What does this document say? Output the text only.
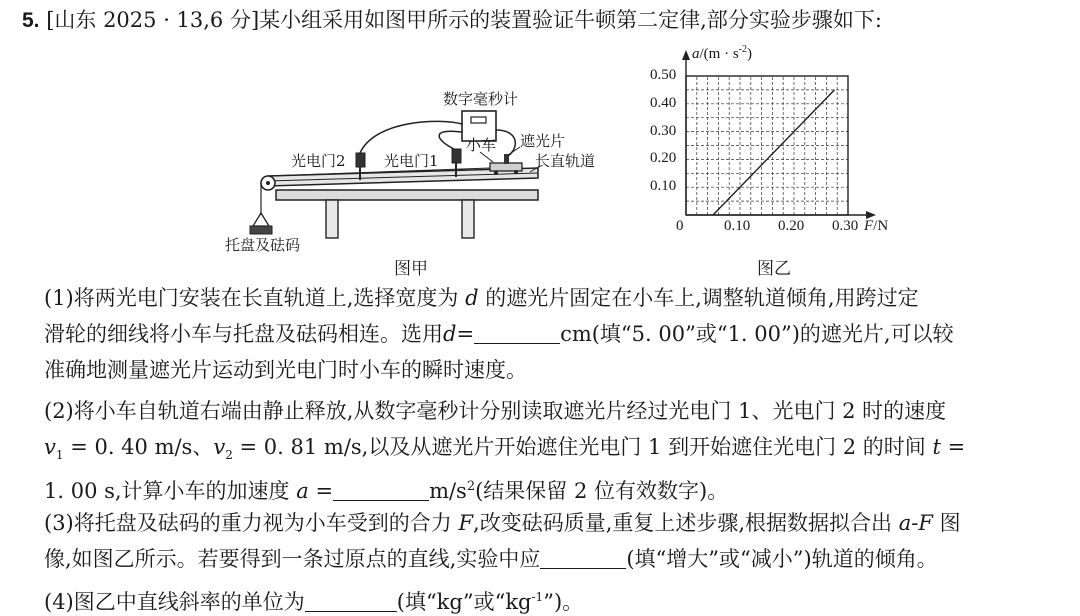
5. [山东 2025 · 13,6 分]某小组采用如图甲所示的装置验证牛顿第二定律,部分实验步骤如下:
数字毫秒计
光电门2	光电门1
小车 遮光片
长直轨道
托盘及砝码
图甲
$a/(m \cdot s^{-2})$
F/N
0	0.10 0.20 0.30
0.50
0.40
0.30
0.20
0.10
图乙
(1)将两光电门安装在长直轨道上,选择宽度为 d 的遮光片固定在小车上,调整轨道倾角,用跨过定
滑轮的细线将小车与托盘及砝码相连。选用d=	cm(填“5. 00”或“1. 00”)的遮光片,可以较
准确地测量遮光片运动到光电门时小车的瞬时速度。
(2)将小车自轨道右端由静止释放,从数字毫秒计分别读取遮光片经过光电门 1、光电门 2 时的速度
$v_1 = 0$. 40 m/s、$v_2 = 0$. 81 m/s,以及从遮光片开始遮住光电门 1 到开始遮住光电门 2 的时间 t =
1. 00 s,计算小车的加速度 a =	$m/s^2$(结果保留 2 位有效数字)。
(3)将托盘及砝码的重力视为小车受到的合力 F,改变砝码质量,重复上述步骤,根据数据拟合出 a-F 图
像,如图乙所示。若要得到一条过原点的直线,实验中应	(填“增大”或“减小”)轨道的倾角。
(4)图乙中直线斜率的单位为	(填“kg”或“$kg^{-1}$”)。
